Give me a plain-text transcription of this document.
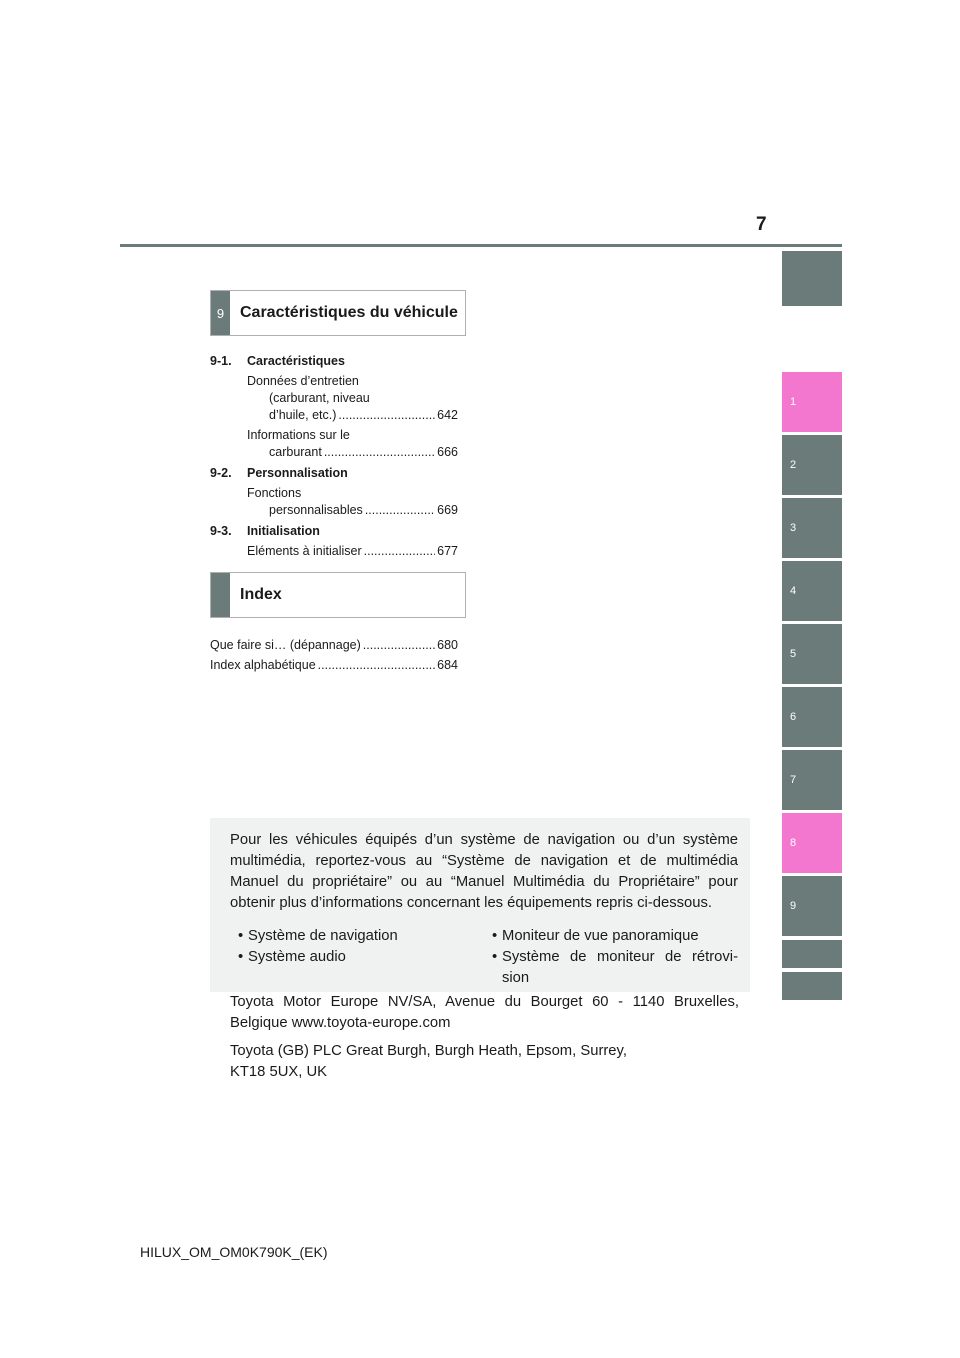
7
1
2
3
4
5
6
7
8
9
9 Caractéristiques du véhicule
9-1.	Caractéristiques
Données d’entretien
(carburant, niveau
d’huile, etc.) .....	642
Informations sur le
carburant .....	666
9-2.	Personnalisation
Fonctions
personnalisables .....	669
9-3.	Initialisation
Eléments à initialiser .....	677
Index
Que faire si… (dépannage) .....	680
Index alphabétique .....	684

Pour les véhicules équipés d’un système de navigation ou d’un système multimédia, reportez-vous au “Système de navigation et de multimédia Manuel du propriétaire” ou au “Manuel Multimédia du Propriétaire” pour obtenir plus d’informations concernant les équipements repris ci-dessous.

• Système de navigation
• Système audio
• Moniteur de vue panoramique
• Système de moniteur de rétrovi- sion

Toyota Motor Europe NV/SA, Avenue du Bourget 60 - 1140 Bruxelles, Belgique www.toyota-europe.com

Toyota (GB) PLC Great Burgh, Burgh Heath, Epsom, Surrey,
KT18 5UX, UK
HILUX_OM_OM0K790K_(EK)
